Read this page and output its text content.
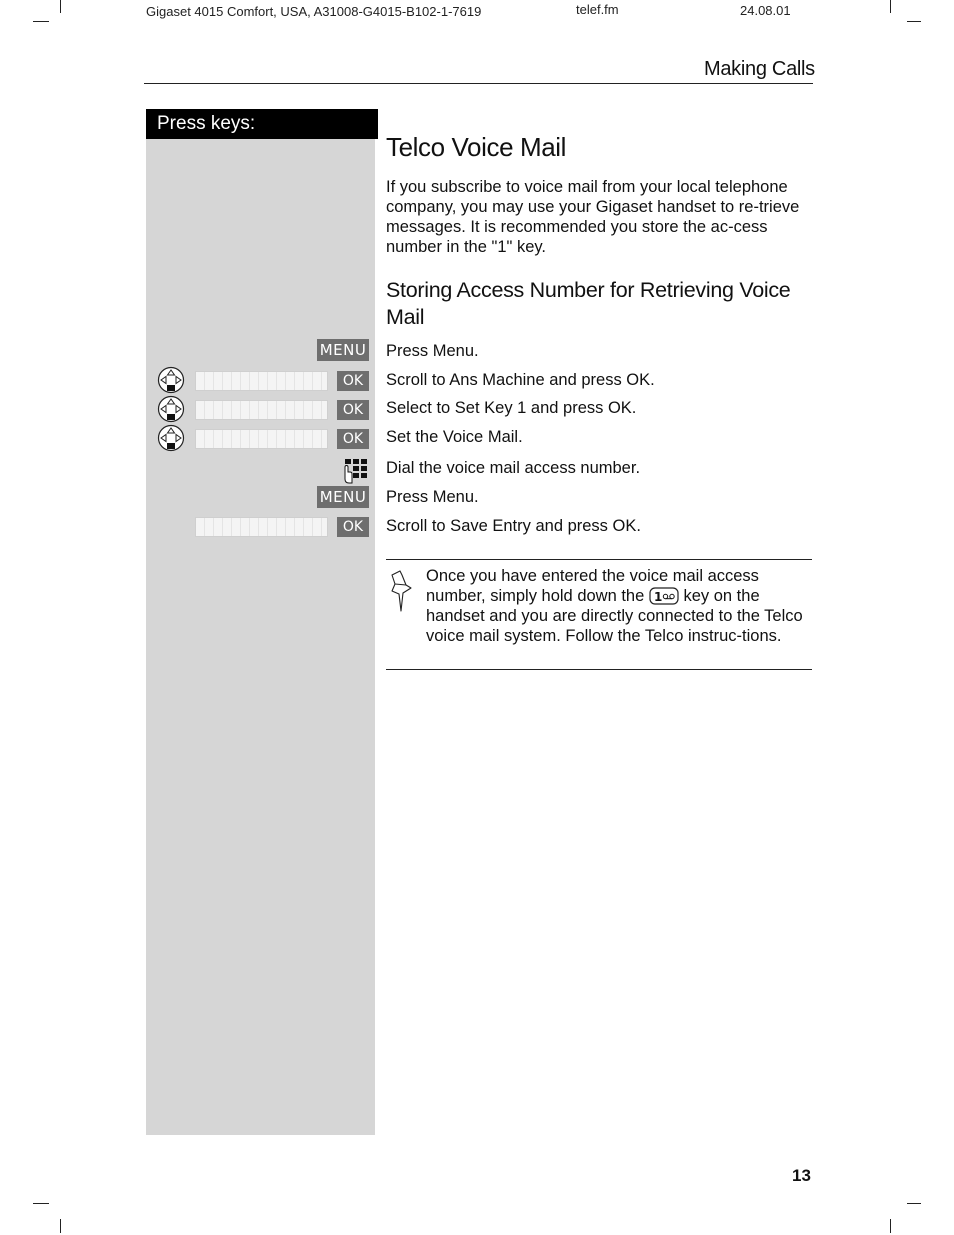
Gigaset 4015 Comfort, USA, A31008-G4015-B102-1-7619	telef.fm	24.08.01
Making Calls
Press keys:
Telco Voice Mail
If you subscribe to voice mail from your local telephone company, you may use your Gigaset handset to re-trieve messages. It is recommended you store the ac-cess number in the "1" key.
Storing Access Number for Retrieving Voice Mail
MENU Press Menu.
OK	Scroll to Ans Machine and press OK.
OK	Select to Set Key 1 and press OK.
OK	Set the Voice Mail.
Dial the voice mail access number.
MENU Press Menu.
OK	Scroll to Save Entry and press OK.
Once you have entered the voice mail access number, simply hold down the 1 key on the handset and you are directly connected to the Telco voice mail system. Follow the Telco instruc-tions.
13
